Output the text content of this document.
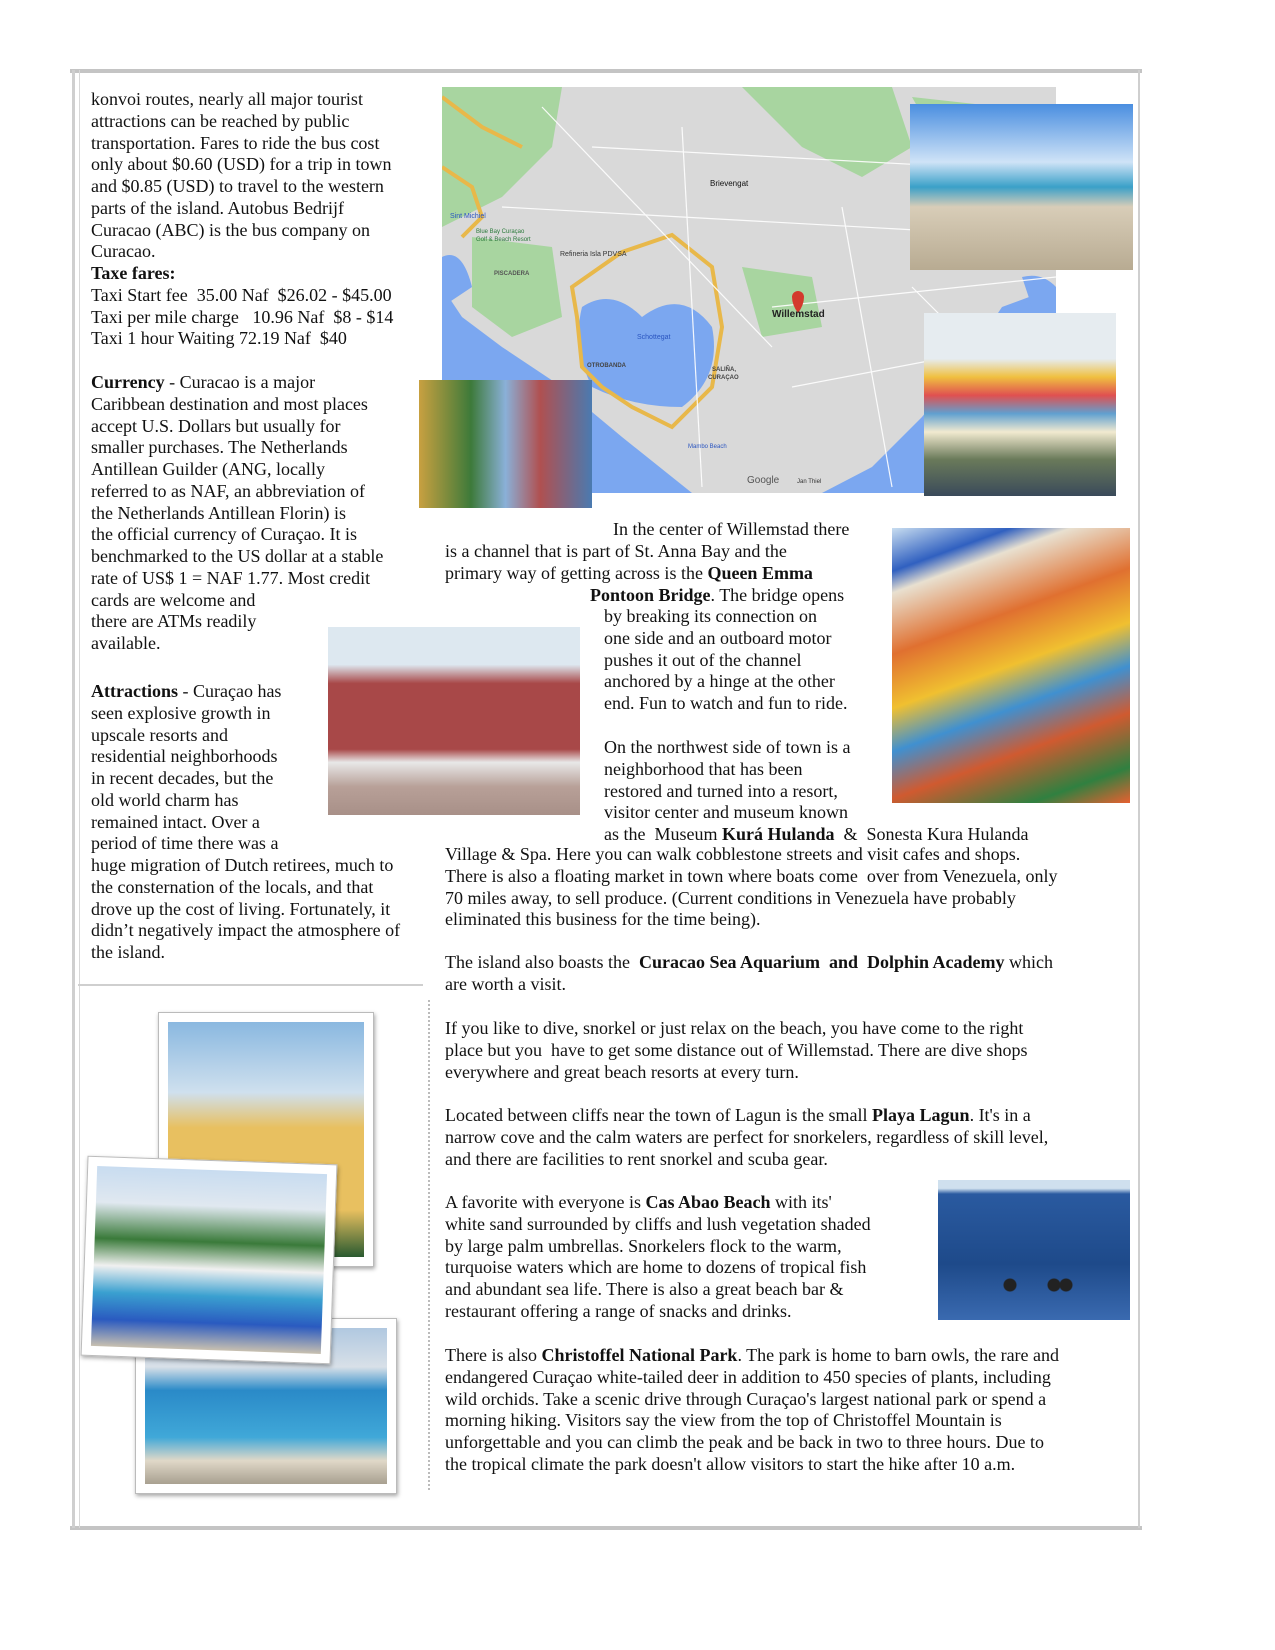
Brievengat
Sint Michiel
Blue Bay Curaçao
Golf & Beach Resort
Refineria Isla PDVSA
PISCADERA
Schottegat
Willemstad
OTROBANDA
SALIÑA,
CURAÇAO
Mambo Beach
Google	Jan Thiel
konvoi routes, nearly all major tourist
attractions can be reached by public
transportation. Fares to ride the bus cost
only about $0.60 (USD) for a trip in town
and $0.85 (USD) to travel to the western
parts of the island. Autobus Bedrijf
Curacao (ABC) is the bus company on
Curacao.
Taxe fares:
Taxi Start fee  35.00 Naf  $26.02 - $45.00
Taxi per mile charge   10.96 Naf  $8 - $14
Taxi 1 hour Waiting 72.19 Naf  $40
Currency - Curacao is a major
Caribbean destination and most places
accept U.S. Dollars but usually for
smaller purchases. The Netherlands
Antillean Guilder (ANG, locally
referred to as NAF, an abbreviation of
the Netherlands Antillean Florin) is
the official currency of Curaçao. It is
benchmarked to the US dollar at a stable
rate of US$ 1 = NAF 1.77. Most credit
cards are welcome and
there are ATMs readily
available.
Attractions - Curaçao has
seen explosive growth in
upscale resorts and
residential neighborhoods
in recent decades, but the
old world charm has
remained intact. Over a
period of time there was a
huge migration of Dutch retirees, much to
the consternation of the locals, and that
drove up the cost of living. Fortunately, it
didn’t negatively impact the atmosphere of
the island.
In the center of Willemstad there
is a channel that is part of St. Anna Bay and the
primary way of getting across is the Queen Emma
Pontoon Bridge. The bridge opens
by breaking its connection on
one side and an outboard motor
pushes it out of the channel
anchored by a hinge at the other
end. Fun to watch and fun to ride.
On the northwest side of town is a
neighborhood that has been
restored and turned into a resort,
visitor center and museum known
as the  Museum Kurá Hulanda  &  Sonesta Kura Hulanda
Village & Spa. Here you can walk cobblestone streets and visit cafes and shops.
There is also a floating market in town where boats come  over from Venezuela, only
70 miles away, to sell produce. (Current conditions in Venezuela have probably
eliminated this business for the time being).
The island also boasts the  Curacao Sea Aquarium and Dolphin Academy which
are worth a visit.
If you like to dive, snorkel or just relax on the beach, you have come to the right
place but you  have to get some distance out of Willemstad. There are dive shops
everywhere and great beach resorts at every turn.
Located between cliffs near the town of Lagun is the small Playa Lagun. It's in a
narrow cove and the calm waters are perfect for snorkelers, regardless of skill level,
and there are facilities to rent snorkel and scuba gear.
A favorite with everyone is Cas Abao Beach with its'
white sand surrounded by cliffs and lush vegetation shaded
by large palm umbrellas. Snorkelers flock to the warm,
turquoise waters which are home to dozens of tropical fish
and abundant sea life. There is also a great beach bar &
restaurant offering a range of snacks and drinks.
There is also Christoffel National Park. The park is home to barn owls, the rare and
endangered Curaçao white-tailed deer in addition to 450 species of plants, including
wild orchids. Take a scenic drive through Curaçao's largest national park or spend a
morning hiking. Visitors say the view from the top of Christoffel Mountain is
unforgettable and you can climb the peak and be back in two to three hours. Due to
the tropical climate the park doesn't allow visitors to start the hike after 10 a.m.
